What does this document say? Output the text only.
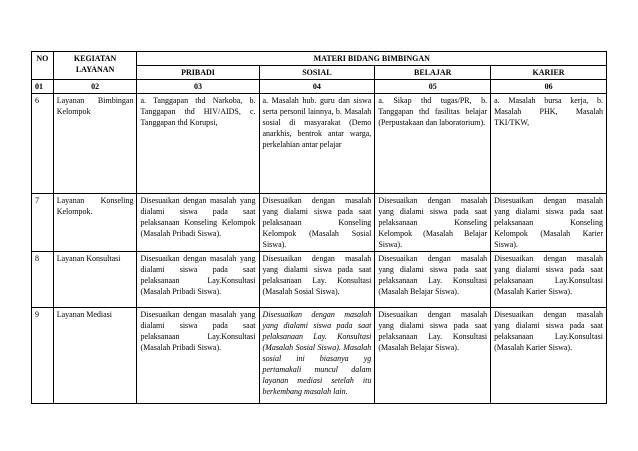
NO	KEGIATAN LAYANAN	MATERI BIDANG BIMBINGAN			
		PRIBADI	SOSIAL	BELAJAR	KARIER
01	02	03	04	05	06
6	Layanan Bimbingan Kelompok	a. Tanggapan thd Narkoba, b. Tanggapan thd HIV/AIDS, c. Tanggapan thd Korupsi,	a. Masalah hub. guru dan siswa serta personil lainnya, b. Masalah sosial di masyarakat (Demo anarkhis, bentrok antar warga, perkelahian antar pelajar	a. Sikap thd tugas/PR, b. Tanggapan thd fasilitas belajar (Perpustakaan dan laboratorium).	a. Masalah bursa kerja, b. Masalah PHK, Masalah TKI/TKW,
7	Layanan Konseling Kelompok.	Disesuaikan dengan masalah yang dialami siswa pada saat pelaksanaan Konseling Kelompok (Masalah Pribadi Siswa).	Disesuaikan dengan masalah yang dialami siswa pada saat pelaksanaan Konseling Kelompok (Masalah Sosial Siswa).	Disesuaikan dengan masalah yang dialami siswa pada saat pelaksanaan Konseling Kelompok (Masalah Belajar Siswa).	Disesuaikan dengan masalah yang dialami siswa pada saat pelaksanaan Konseling Kelompok (Masalah Karier Siswa).
8	Layanan Konsultasi	Disesuaikan dengan masalah yang dialami siswa pada saat pelaksanaan Lay.Konsultasi (Masalah Pribadi Siswa).	Disesuaikan dengan masalah yang dialami siswa pada saat pelaksanaan Lay. Konsultasi (Masalah Sosial Siswa).	Disesuaikan dengan masalah yang dialami siswa pada saat pelaksanaan Lay. Konsultasi (Masalah Belajar Siswa).	Disesuaikan dengan masalah yang dialami siswa pada saat pelaksanaan Lay.Konsultasi (Masalah Karier Siswa).
9	Layanan Mediasi	Disesuaikan dengan masalah yang dialami siswa pada saat pelaksanaan Lay.Konsultasi (Masalah Pribadi Siswa).	Disesuaikan dengan masalah yang dialami siswa pada saat pelaksanaan Lay. Konsultasi (Masalah Sosial Siswa). Masalah sosial ini biasanya yg pertamakali muncul dalam layanan mediasi setelah itu berkembang masalah lain.	Disesuaikan dengan masalah yang dialami siswa pada saat pelaksanaan Lay. Konsultasi (Masalah Belajar Siswa).	Disesuaikan dengan masalah yang dialami siswa pada saat pelaksanaan Lay.Konsultasi (Masalah Karier Siswa).
